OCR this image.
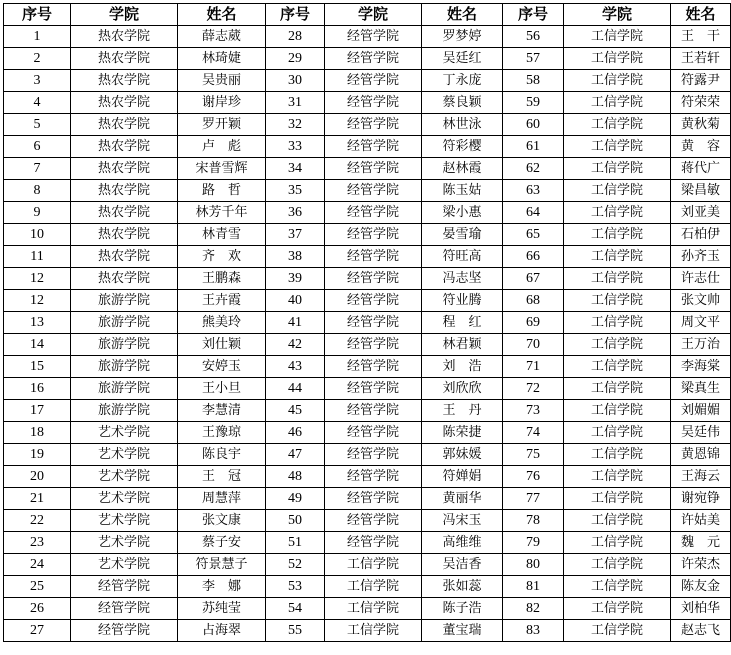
序号	学院	姓名	序号	学院	姓名	序号	学院	姓名
1	热农学院	薛志葳	28	经管学院	罗梦婷	56	工信学院	王　干
2	热农学院	林琦婕	29	经管学院	吴廷红	57	工信学院	王若轩
3	热农学院	吴贵丽	30	经管学院	丁永庞	58	工信学院	符露尹
4	热农学院	谢岸珍	31	经管学院	蔡良颖	59	工信学院	符荣荣
5	热农学院	罗开颖	32	经管学院	林世泳	60	工信学院	黄秋菊
6	热农学院	卢　彪	33	经管学院	符彩樱	61	工信学院	黄　容
7	热农学院	宋普雪辉	34	经管学院	赵林霞	62	工信学院	蒋代广
8	热农学院	路　哲	35	经管学院	陈玉姑	63	工信学院	梁昌敏
9	热农学院	林芳千年	36	经管学院	梁小惠	64	工信学院	刘亚美
10	热农学院	林青雪	37	经管学院	晏雪瑜	65	工信学院	石柏伊
11	热农学院	齐　欢	38	经管学院	符旺高	66	工信学院	孙齐玉
12	热农学院	王鹏森	39	经管学院	冯志坚	67	工信学院	许志仕
12	旅游学院	王卉霞	40	经管学院	符业腾	68	工信学院	张文帅
13	旅游学院	熊美玲	41	经管学院	程　红	69	工信学院	周文平
14	旅游学院	刘仕颖	42	经管学院	林君颖	70	工信学院	王万治
15	旅游学院	安婷玉	43	经管学院	刘　浩	71	工信学院	李海棠
16	旅游学院	王小旦	44	经管学院	刘欣欣	72	工信学院	梁真生
17	旅游学院	李慧清	45	经管学院	王　丹	73	工信学院	刘媚媚
18	艺术学院	王豫琼	46	经管学院	陈荣捷	74	工信学院	吴廷伟
19	艺术学院	陈良宇	47	经管学院	郭妹媛	75	工信学院	黄恩锦
20	艺术学院	王　冠	48	经管学院	符婵娟	76	工信学院	王海云
21	艺术学院	周慧萍	49	经管学院	黄丽华	77	工信学院	谢宛铮
22	艺术学院	张文康	50	经管学院	冯宋玉	78	工信学院	许姑美
23	艺术学院	蔡子安	51	经管学院	高维维	79	工信学院	魏　元
24	艺术学院	符景慧子	52	工信学院	吴洁香	80	工信学院	许荣杰
25	经管学院	李　娜	53	工信学院	张如蕊	81	工信学院	陈友金
26	经管学院	苏纯莹	54	工信学院	陈子浩	82	工信学院	刘柏华
27	经管学院	占海翠	55	工信学院	董宝瑞	83	工信学院	赵志飞
